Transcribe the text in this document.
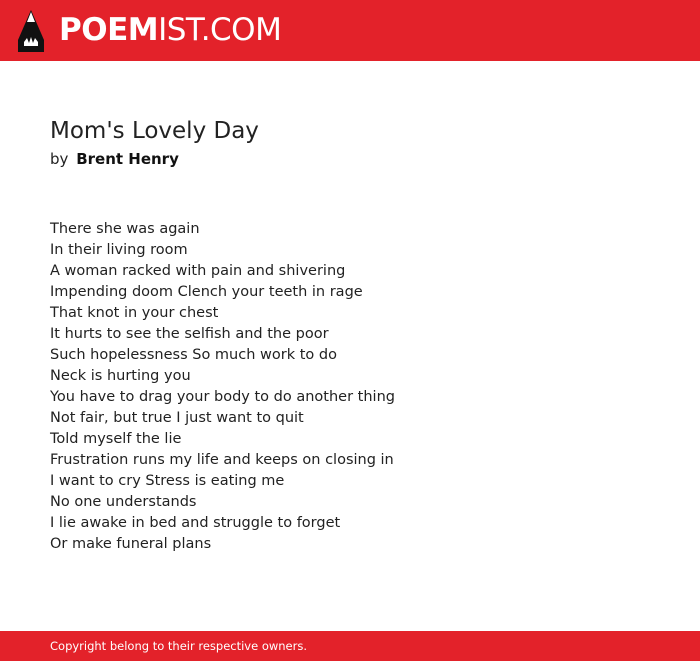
POEMIST.COM
Mom's Lovely Day
by Brent Henry
There she was again
In their living room
A woman racked with pain and shivering
Impending doom Clench your teeth in rage
That knot in your chest
It hurts to see the selfish and the poor
Such hopelessness So much work to do
Neck is hurting you
You have to drag your body to do another thing
Not fair, but true I just want to quit
Told myself the lie
Frustration runs my life and keeps on closing in
I want to cry Stress is eating me
No one understands
I lie awake in bed and struggle to forget
Or make funeral plans
Copyright belong to their respective owners.
